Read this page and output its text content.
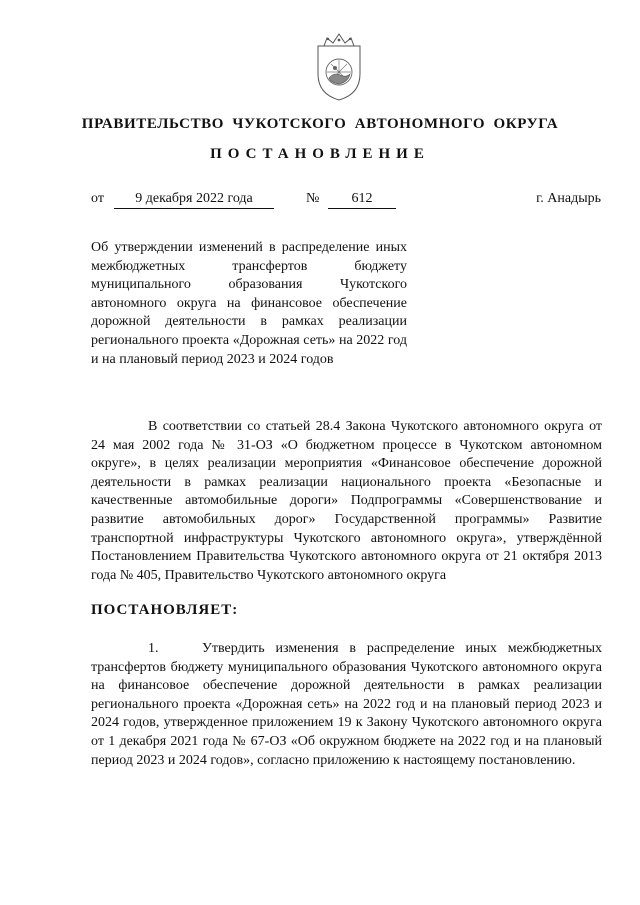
ПРАВИТЕЛЬСТВО ЧУКОТСКОГО АВТОНОМНОГО ОКРУГА
ПОСТАНОВЛЕНИЕ
от	9 декабря 2022 года	№	612	г. Анадырь

Об утверждении изменений в распределение иных межбюджетных трансфертов бюджету муниципального образования Чукотского автономного округа на финансовое обеспечение дорожной деятельности в рамках реализации регионального проекта «Дорожная сеть» на 2022 год и на плановый период 2023 и 2024 годов

В соответствии со статьей 28.4 Закона Чукотского автономного округа от 24 мая 2002 года № 31-ОЗ «О бюджетном процессе в Чукотском автономном округе», в целях реализации мероприятия «Финансовое обеспечение дорожной деятельности в рамках реализации национального проекта «Безопасные и качественные автомобильные дороги» Подпрограммы «Совершенствование и развитие автомобильных дорог» Государственной программы» Развитие транспортной инфраструктуры Чукотского автономного округа», утверждённой Постановлением Правительства Чукотского автономного округа от 21 октября 2013 года № 405, Правительство Чукотского автономного округа

ПОСТАНОВЛЯЕТ:

1.	Утвердить изменения в распределение иных межбюджетных трансфертов бюджету муниципального образования Чукотского автономного округа на финансовое обеспечение дорожной деятельности в рамках реализации регионального проекта «Дорожная сеть» на 2022 год и на плановый период 2023 и 2024 годов, утвержденное приложением 19 к Закону Чукотского автономного округа от 1 декабря 2021 года № 67-ОЗ «Об окружном бюджете на 2022 год и на плановый период 2023 и 2024 годов», согласно приложению к настоящему постановлению.
